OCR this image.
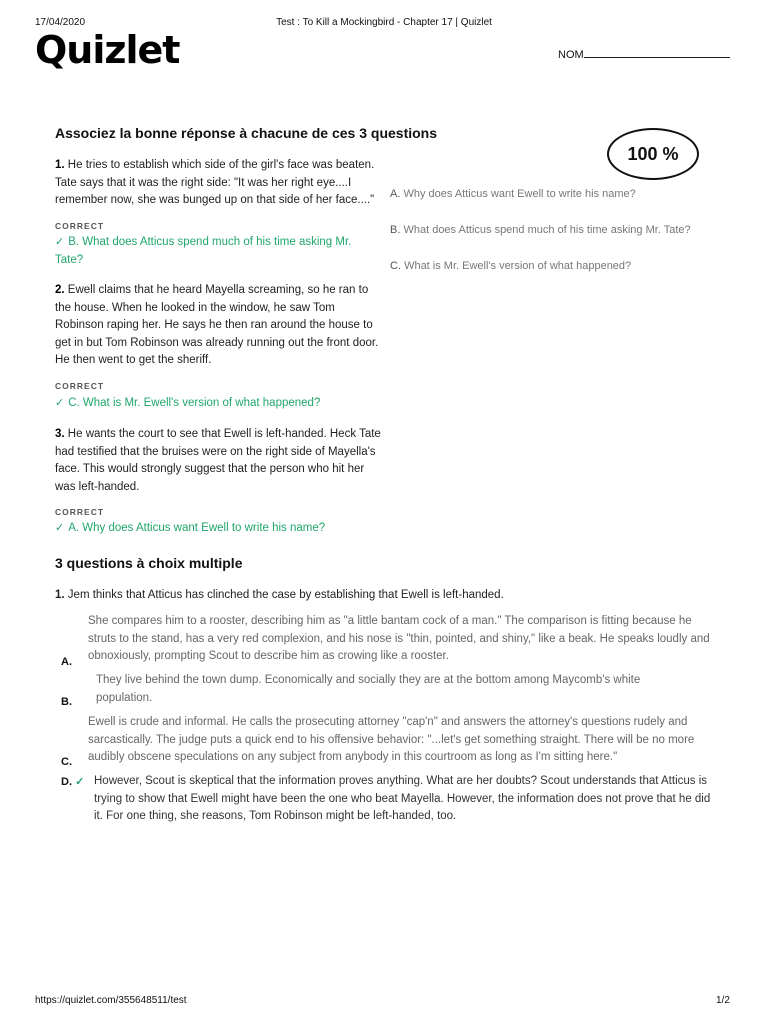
17/04/2020	Test : To Kill a Mockingbird - Chapter 17 | Quizlet
Quizlet	NOM
Associez la bonne réponse à chacune de ces 3 questions
100 %
1. He tries to establish which side of the girl's face was beaten. Tate says that it was the right side: "It was her right eye....I remember now, she was bunged up on that side of her face...."
CORRECT
✓ B. What does Atticus spend much of his time asking Mr. Tate?
2. Ewell claims that he heard Mayella screaming, so he ran to the house. When he looked in the window, he saw Tom Robinson raping her. He says he then ran around the house to get in but Tom Robinson was already running out the front door. He then went to get the sheriff.
CORRECT
✓ C. What is Mr. Ewell's version of what happened?
3. He wants the court to see that Ewell is left-handed. Heck Tate had testified that the bruises were on the right side of Mayella's face. This would strongly suggest that the person who hit her was left-handed.
CORRECT
✓ A. Why does Atticus want Ewell to write his name?
A. Why does Atticus want Ewell to write his name?
B. What does Atticus spend much of his time asking Mr. Tate?
C. What is Mr. Ewell's version of what happened?
3 questions à choix multiple
1. Jem thinks that Atticus has clinched the case by establishing that Ewell is left-handed.
A.
She compares him to a rooster, describing him as "a little bantam cock of a man." The comparison is fitting because he struts to the stand, has a very red complexion, and his nose is "thin, pointed, and shiny," like a beak. He speaks loudly and obnoxiously, prompting Scout to describe him as crowing like a rooster.
B.
They live behind the town dump. Economically and socially they are at the bottom among Maycomb's white population.
C.
Ewell is crude and informal. He calls the prosecuting attorney "cap'n" and answers the attorney's questions rudely and sarcastically. The judge puts a quick end to his offensive behavior: "...let's get something straight. There will be no more audibly obscene speculations on any subject from anybody in this courtroom as long as I'm sitting here."
D. ✓ However, Scout is skeptical that the information proves anything. What are her doubts? Scout understands that Atticus is trying to show that Ewell might have been the one who beat Mayella. However, the information does not prove that he did it. For one thing, she reasons, Tom Robinson might be left-handed, too.
https://quizlet.com/355648511/test	1/2
